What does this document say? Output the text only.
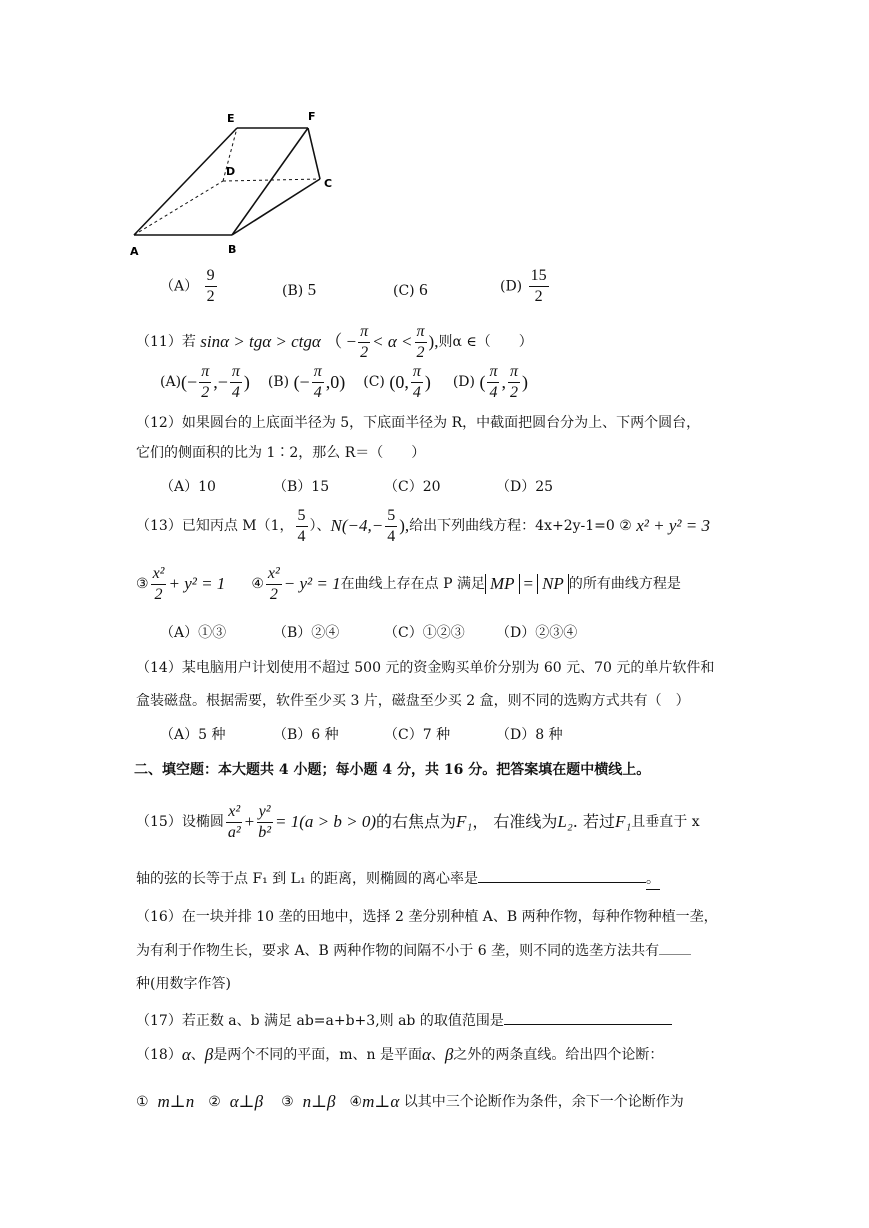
A	B
C
D
E	F
$(A) \frac{9}{2}$	(B) 5	(C) 6	$(D) \frac{15}{2}$
（11） 若
sinα > tgα > ctgα
（ − $\frac{\pi}{2} < \alpha < \frac{\pi}{2}$ ), 则α ∈（　　）
(A) (− $\frac{\pi}{2}$ ,− $\frac{\pi}{4}$ ) (B)
(− $\frac{\pi}{4}$ , 0 ) (C)
( 0 , $\frac{\pi}{4}$ ) (D)
( $\frac{\pi}{4}$ , $\frac{\pi}{2}$ )
（12）如果圆台的上底面半径为 5，下底面半径为 R，中截面把圆台分为上、下两个圆台，
它们的侧面积的比为 1∶2，那么 R＝（　　）
（A）10	（B）15	（C）20	（D）25
（13） 已知丙点 M（1， $\frac{5}{4}$ ）、 $N(-4,- \frac{5}{4}$ ), 给出下列曲线方程：4x+2y-1=0 ②
x² + y² = 3
③ $\frac{\text{x²}}{2} + y^2 = 1$ ④ $\frac{\text{x²}}{2} - y^2 = 1$ 在曲线上存在点 P 满足 MP = NP 的所有曲线方程是
（A）①③	（B）②④	（C）①②③ （D）②③④
（14）某电脑用户计划使用不超过 500 元的资金购买单价分别为 60 元、70 元的单片软件和
盒装磁盘。根据需要，软件至少买 3 片，磁盘至少买 2 盒，则不同的选购方式共有（　）
（A）5 种	（B）6 种	（C）7 种	（D）8 种
二、填空题：本大题共 4 小题；每小题 4 分，共 16 分。把答案填在题中横线上。
（15）设椭圆 $\frac{\text{x²}}{\text{a²}} + \frac{\text{y²}}{\text{b²}} = 1(a > b > 0)$ 的右焦点为 F₁ ， 右准线为 L₂ . 若过 F₁ 且垂直于 x
轴的弦的长等于点 F₁ 到 L₁ 的距离，则椭圆的离心率是	。
（16）在一块并排 10 垄的田地中，选择 2 垄分别种植 A、B 两种作物，每种作物种植一垄，
为有利于作物生长，要求 A、B 两种作物的间隔不小于 6 垄，则不同的选垄方法共有
种(用数字作答)
（17）若正数 a、b 满足 ab=a+b+3,则 ab 的取值范围是
（18） α 、 β 是两个不同的平面，m、n 是平面 α 、 β 之外的两条直线。给出四个论断：
①
m⊥n ②
α⊥β ③
n⊥β ④ m⊥α
以其中三个论断作为条件，余下一个论断作为
